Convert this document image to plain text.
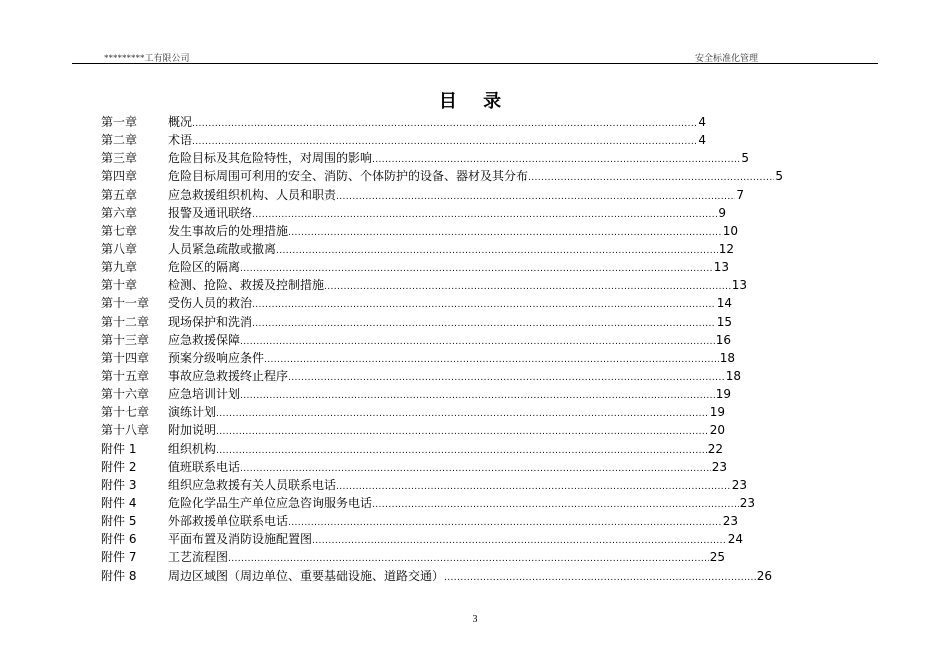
*********工有限公司	安全标准化管理
目 录
第一章	概况 .....	4
第二章	术语 .....	4
第三章	危险目标及其危险特性，对周围的影响 .....	5
第四章	危险目标周围可利用的安全、消防、个体防护的设备、器材及其分布 .....	5
第五章	应急救援组织机构、人员和职责 .....	7
第六章	报警及通讯联络 .....	9
第七章	发生事故后的处理措施 .....	10
第八章	人员紧急疏散或撤离 .....	12
第九章	危险区的隔离 .....	13
第十章	检测、抢险、救援及控制措施 .....	13
第十一章	受伤人员的救治 .....	14
第十二章	现场保护和洗消 .....	15
第十三章	应急救援保障 .....	16
第十四章	预案分级响应条件 .....	18
第十五章	事故应急救援终止程序 .....	18
第十六章	应急培训计划 .....	19
第十七章	演练计划 .....	19
第十八章	附加说明 .....	20
附件 1	组织机构 .....	22
附件 2	值班联系电话 .....	23
附件 3	组织应急救援有关人员联系电话 .....	23
附件 4	危险化学品生产单位应急咨询服务电话 .....	23
附件 5	外部救援单位联系电话 .....	23
附件 6	平面布置及消防设施配置图 .....	24
附件 7	工艺流程图 .....	25
附件 8	周边区域图（周边单位、重要基础设施、道路交通） .....	26
3
